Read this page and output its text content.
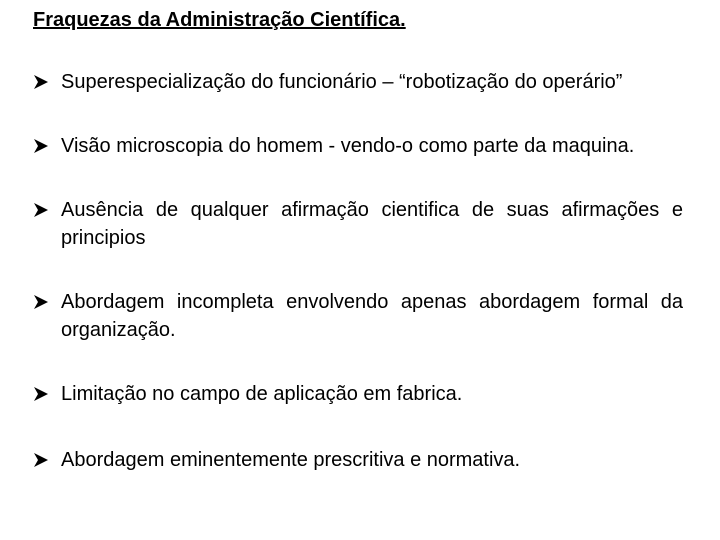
Fraquezas da Administração Científica.
Superespecialização do funcionário – “robotização do operário”
Visão microscopia do homem - vendo-o como parte da maquina.
Ausência de qualquer afirmação cientifica de suas afirmações e principios
Abordagem incompleta envolvendo apenas abordagem formal da organização.
Limitação no campo de aplicação em fabrica.
Abordagem eminentemente prescritiva e normativa.
